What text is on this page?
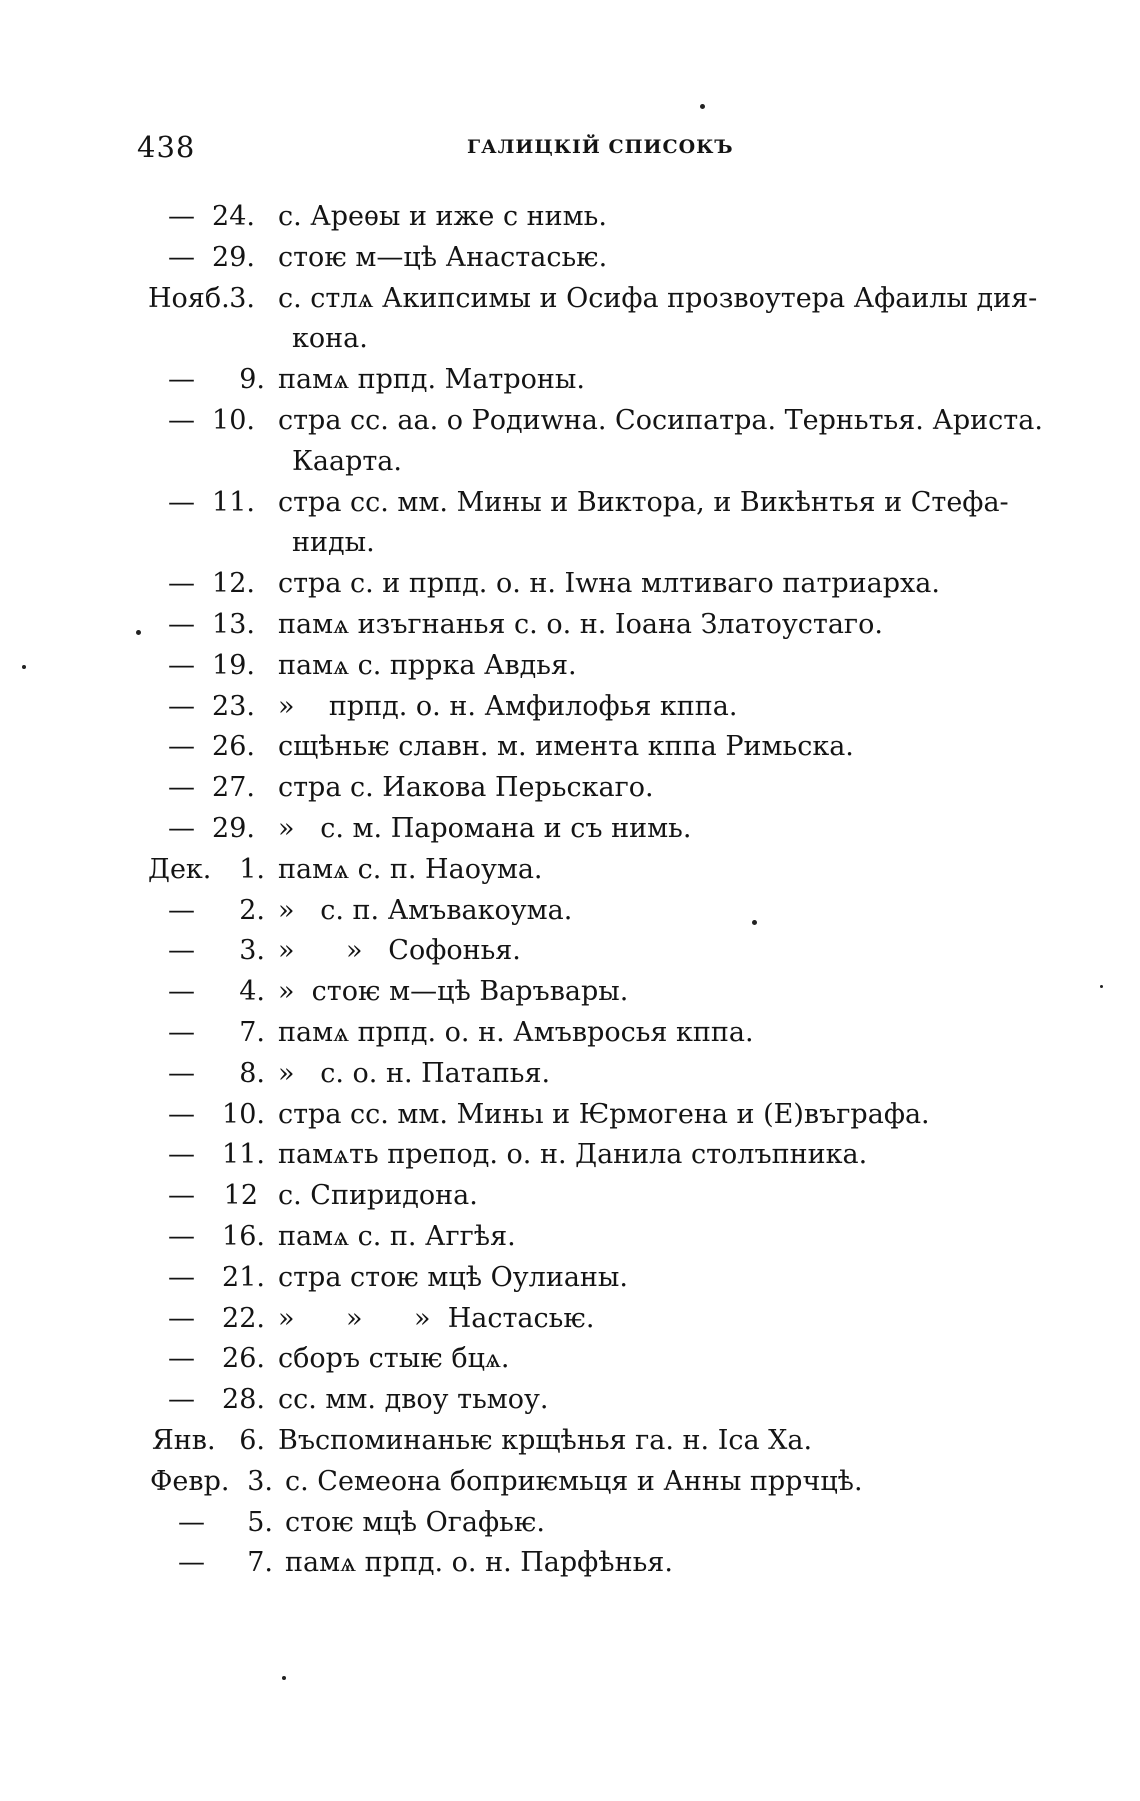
438	ГАЛИЦКІЙ СПИСОКЪ
— 24. с. Ареѳы и иже с нимь.
— 29. стоѥ м—цѣ Анастасьѥ.
Нояб. 3. с. стлѧ Акипсимы и Осифа прозвоутера Афаилы дия-
кона.
—	9. памѧ прпд. Матроны.
— 10. стра сс. аа. о Родиwна. Сосипатра. Терньтья. Ариста.
Каарта.
— 11. стра сс. мм. Мины и Виктора, и Викѣнтья и Стефа-
ниды.
— 12. стра с. и прпд. о. н. Іwна млтиваго патриарха.
— 13. памѧ изъгнанья с. о. н. Іоана Златоустаго.
— 19. памѧ с. пррка Авдья.
— 23. »    прпд. о. н. Амфилофья кппа.
— 26. сщѣньѥ славн. м. имента кппа Римьска.
— 27. стра с. Иакова Перьскаго.
— 29. »   с. м. Паромана и съ нимь.
Дек.	1. памѧ с. п. Наоума.
—	2. »   с. п. Амъвакоума.
—	3. »      »   Софонья.
—	4. »  стоѥ м—цѣ Варъвары.
—	7. памѧ прпд. о. н. Амъвросья кппа.
—	8. »   с. о. н. Патапья.
— 10. стра сс. мм. Миньı и Ѥрмогена и (Е)въграфа.
— 11. памѧть препод. о. н. Данила столъпника.
—	12 с. Спиридона.
— 16. памѧ с. п. Аггѣя.
— 21. стра стоѥ мцѣ Оулианы.
— 22. »      »      »  Настасьѥ.
— 26. сборъ стыѥ бцѧ.
— 28. сс. мм. двоу тьмоу.
Янв. 6. Въспоминаньѥ крщѣнья га. н. Іса Ха.
Февр. 3. с. Семеона боприѥмьця и Анны пррчцѣ.
—	5. стоѥ мцѣ Огафьѥ.
—	7. памѧ прпд. о. н. Парфѣнья.
